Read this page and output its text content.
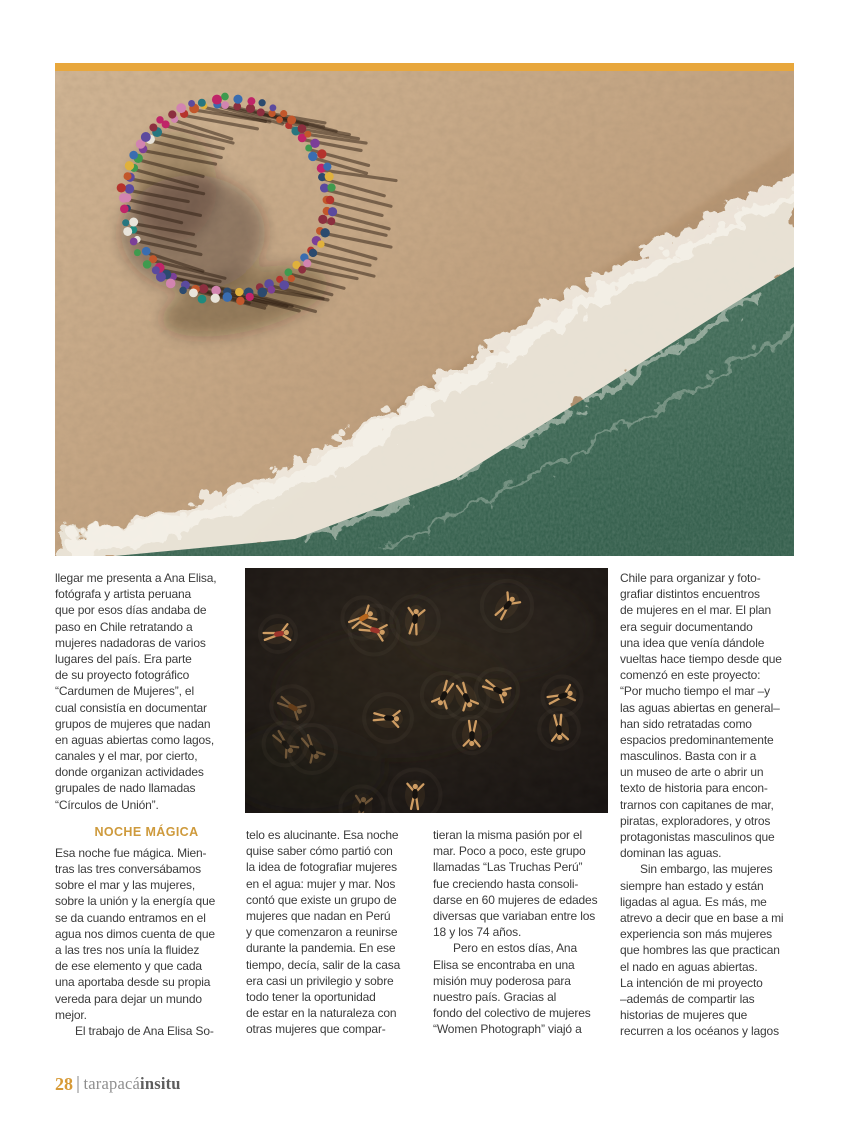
llegar me presenta a Ana Elisa,
fotógrafa y artista peruana
que por esos días andaba de
paso en Chile retratando a
mujeres nadadoras de varios
lugares del país. Era parte
de su proyecto fotográfico
“Cardumen de Mujeres”, el
cual consistía en documentar
grupos de mujeres que nadan
en aguas abiertas como lagos,
canales y el mar, por cierto,
donde organizan actividades
grupales de nado llamadas
“Círculos de Unión”.
NOCHE MÁGICA
Esa noche fue mágica. Mien-
tras las tres conversábamos
sobre el mar y las mujeres,
sobre la unión y la energía que
se da cuando entramos en el
agua nos dimos cuenta de que
a las tres nos unía la fluidez
de ese elemento y que cada
una aportaba desde su propia
vereda para dejar un mundo
mejor.
El trabajo de Ana Elisa So-
telo es alucinante. Esa noche
quise saber cómo partió con
la idea de fotografiar mujeres
en el agua: mujer y mar. Nos
contó que existe un grupo de
mujeres que nadan en Perú
y que comenzaron a reunirse
durante la pandemia. En ese
tiempo, decía, salir de la casa
era casi un privilegio y sobre
todo tener la oportunidad
de estar en la naturaleza con
otras mujeres que compar-
tieran la misma pasión por el
mar. Poco a poco, este grupo
llamadas “Las Truchas Perú”
fue creciendo hasta consoli-
darse en 60 mujeres de edades
diversas que variaban entre los
18 y los 74 años.
Pero en estos días, Ana
Elisa se encontraba en una
misión muy poderosa para
nuestro país. Gracias al
fondo del colectivo de mujeres
“Women Photograph” viajó a
Chile para organizar y foto-
grafiar distintos encuentros
de mujeres en el mar. El plan
era seguir documentando
una idea que venía dándole
vueltas hace tiempo desde que
comenzó en este proyecto:
“Por mucho tiempo el mar –y
las aguas abiertas en general–
han sido retratadas como
espacios predominantemente
masculinos. Basta con ir a
un museo de arte o abrir un
texto de historia para encon-
trarnos con capitanes de mar,
piratas, exploradores, y otros
protagonistas masculinos que
dominan las aguas.
Sin embargo, las mujeres
siempre han estado y están
ligadas al agua. Es más, me
atrevo a decir que en base a mi
experiencia son más mujeres
que hombres las que practican
el nado en aguas abiertas.
La intención de mi proyecto
–además de compartir las
historias de mujeres que
recurren a los océanos y lagos
28 tarapacáinsitu
